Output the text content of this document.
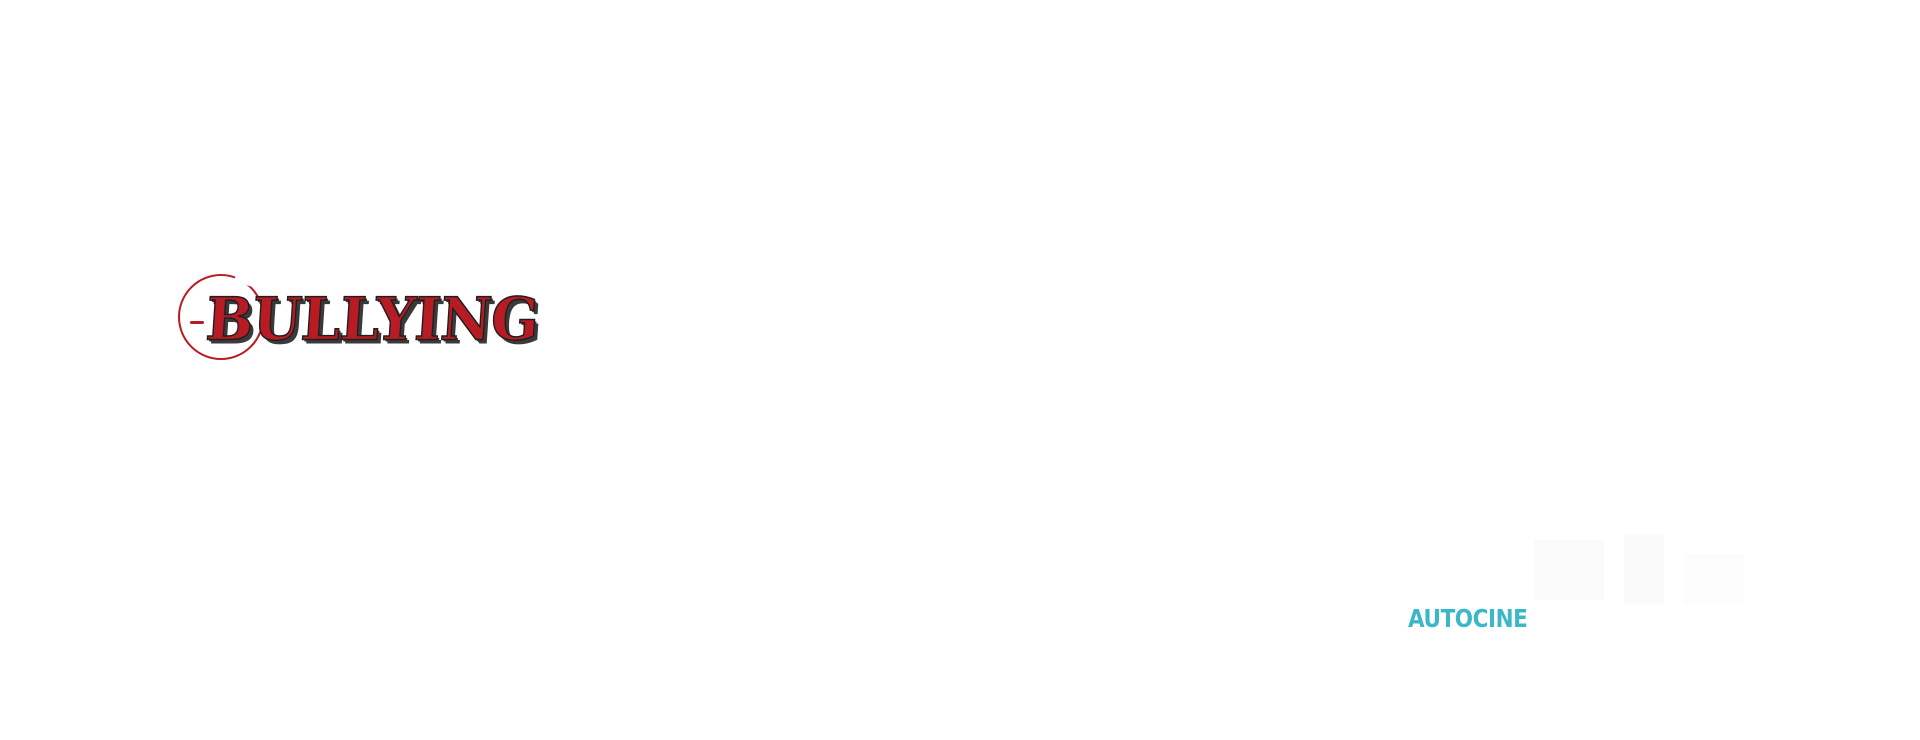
BULLYING
AUTOCINE
